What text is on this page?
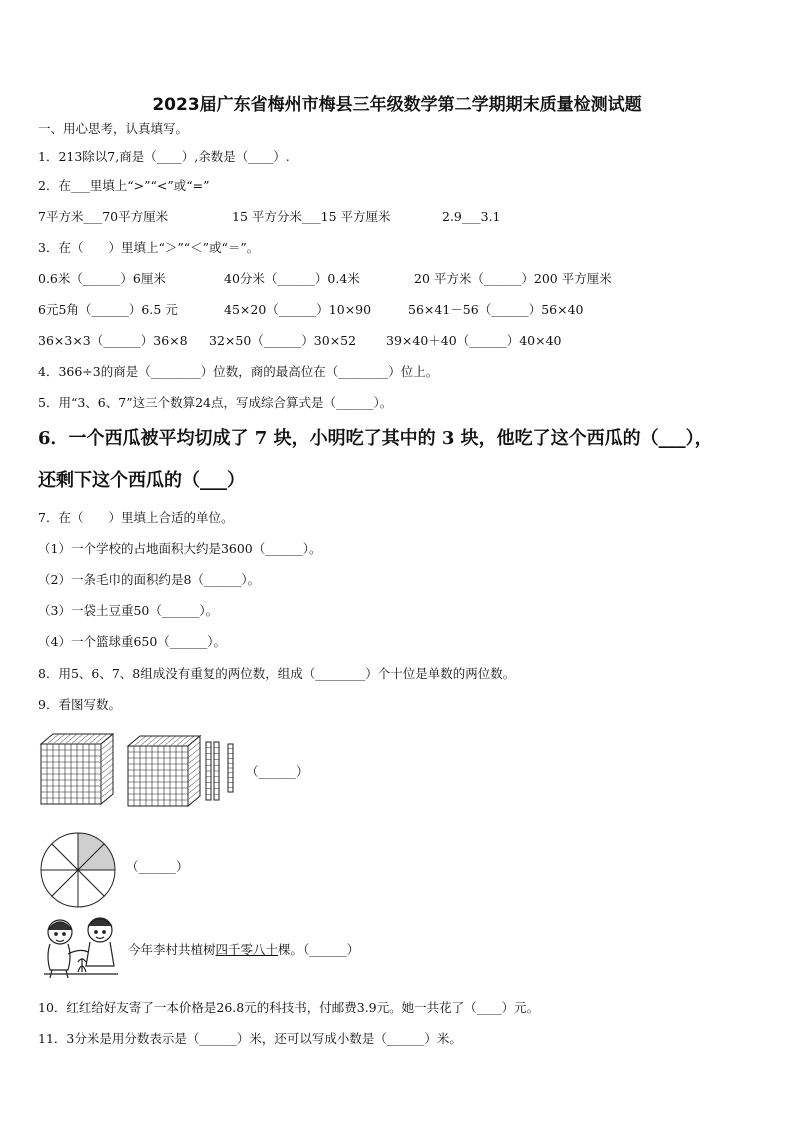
2023届广东省梅州市梅县三年级数学第二学期期末质量检测试题
一、用心思考，认真填写。
1．213除以7,商是（____）,余数是（____）.
2．在___里填上“>”“<”或“=”
7平方米___70平方厘米	15 平方分米___15 平方厘米	2.9___3.1
3．在（　　）里填上“＞”“＜”或“＝”。
0.6米（______）6厘米	40分米（______）0.4米	20 平方米（______）200 平方厘米
6元5角（______）6.5 元	45×20（______）10×90	56×41－56（______）56×40
36×3×3（______）36×8 32×50（______）30×52 39×40＋40（______）40×40
4．366÷3的商是（________）位数，商的最高位在（________）位上。
5．用“3、6、7”这三个数算24点，写成综合算式是（______）。
6．一个西瓜被平均切成了 7 块，小明吃了其中的 3 块，他吃了这个西瓜的（___），
还剩下这个西瓜的（___）
7．在（　　）里填上合适的单位。
（1）一个学校的占地面积大约是3600（______）。
（2）一条毛巾的面积约是8（______）。
（3）一袋土豆重50（______）。
（4）一个篮球重650（______）。
8．用5、6、7、8组成没有重复的两位数，组成（________）个十位是单数的两位数。
9．看图写数。
（______）
（______）
今年李村共植树四千零八十棵。（______）
10．红红给好友寄了一本价格是26.8元的科技书，付邮费3.9元。她一共花了（____）元。
11．3分米是用分数表示是（______）米，还可以写成小数是（______）米。
